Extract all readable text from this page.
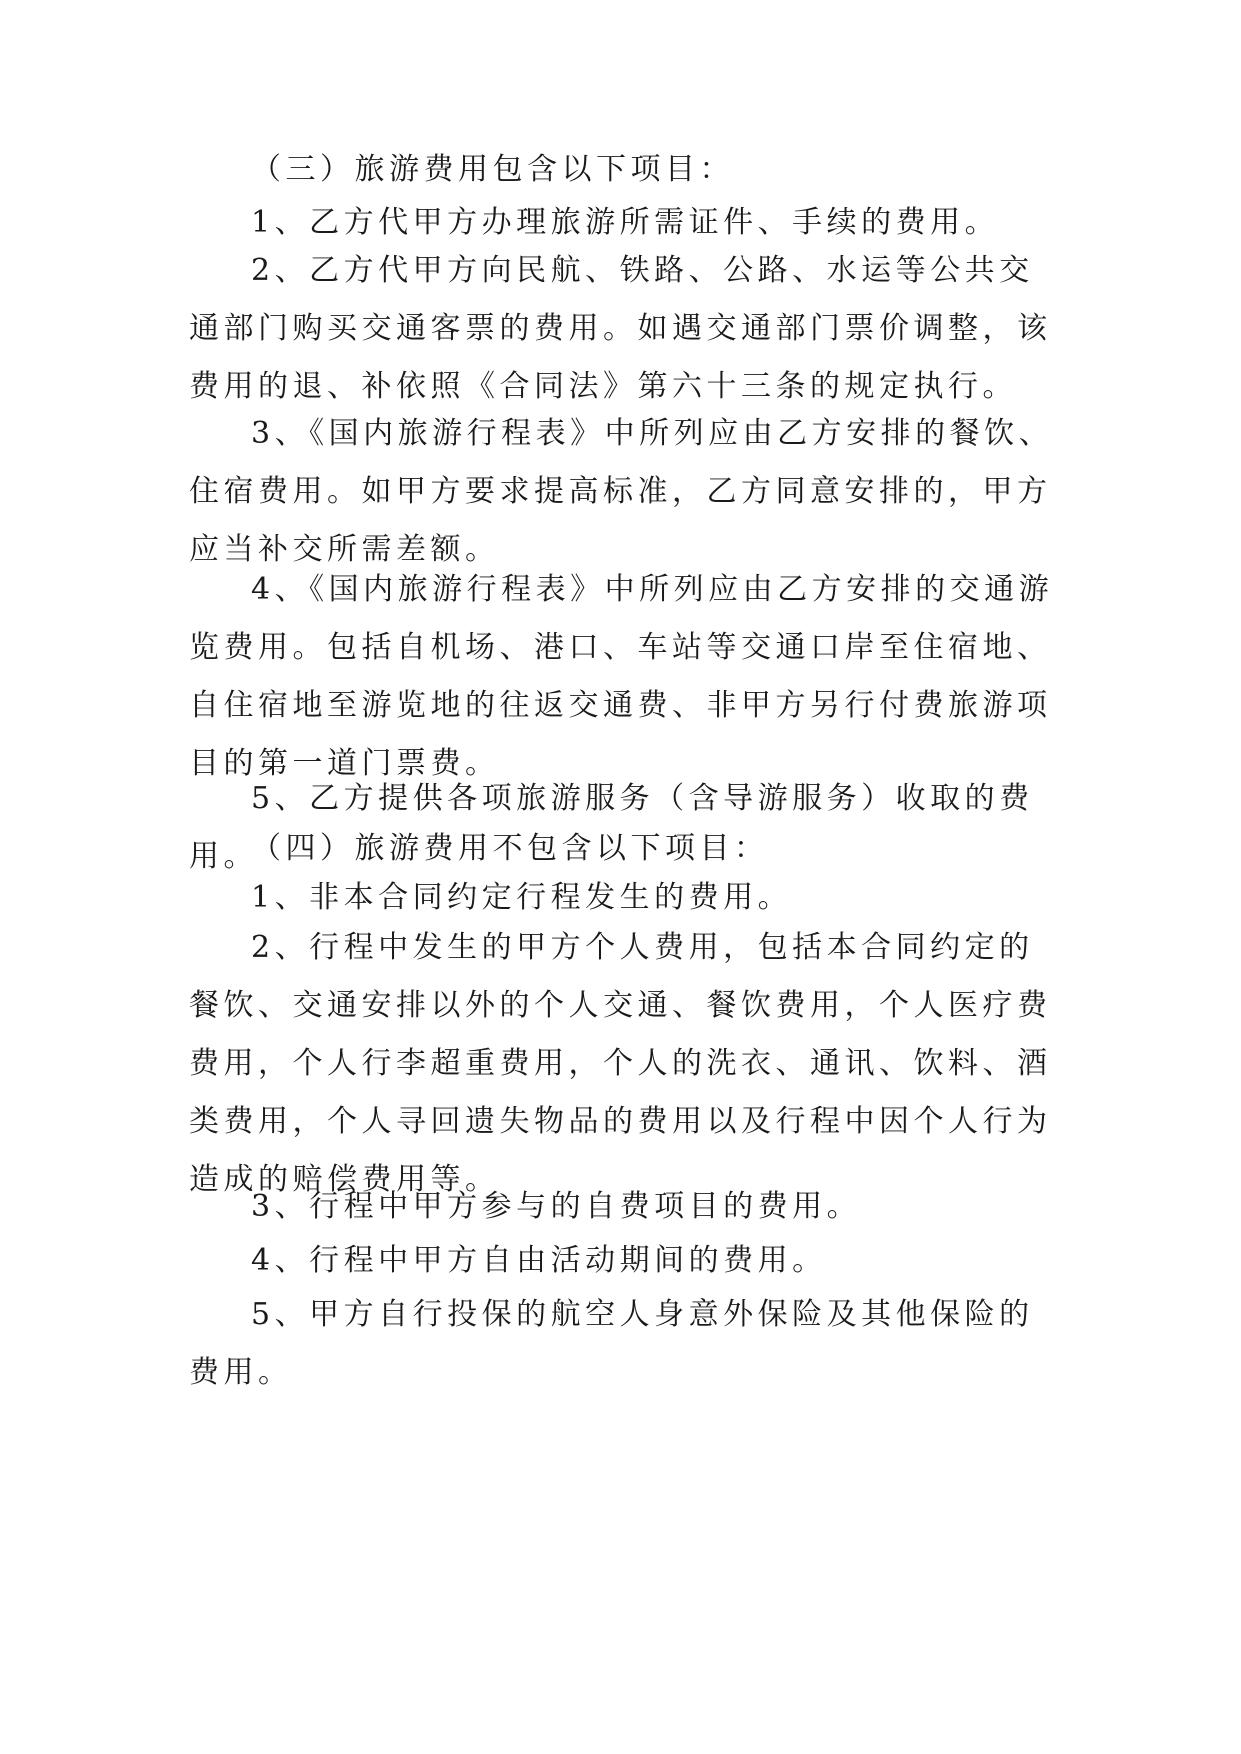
（三）旅游费用包含以下项目：
1、乙方代甲方办理旅游所需证件、手续的费用。
2、乙方代甲方向民航、铁路、公路、水运等公共交通部门购买交通客票的费用。如遇交通部门票价调整，该费用的退、补依照《合同法》第六十三条的规定执行。
3、《国内旅游行程表》中所列应由乙方安排的餐饮、住宿费用。如甲方要求提高标准，乙方同意安排的，甲方应当补交所需差额。
4、《国内旅游行程表》中所列应由乙方安排的交通游览费用。包括自机场、港口、车站等交通口岸至住宿地、自住宿地至游览地的往返交通费、非甲方另行付费旅游项目的第一道门票费。
5、乙方提供各项旅游服务（含导游服务）收取的费用。
（四）旅游费用不包含以下项目：
1、非本合同约定行程发生的费用。
2、行程中发生的甲方个人费用，包括本合同约定的餐饮、交通安排以外的个人交通、餐饮费用，个人医疗费费用，个人行李超重费用，个人的洗衣、通讯、饮料、酒类费用，个人寻回遗失物品的费用以及行程中因个人行为造成的赔偿费用等。
3、行程中甲方参与的自费项目的费用。
4、行程中甲方自由活动期间的费用。
5、甲方自行投保的航空人身意外保险及其他保险的费用。
